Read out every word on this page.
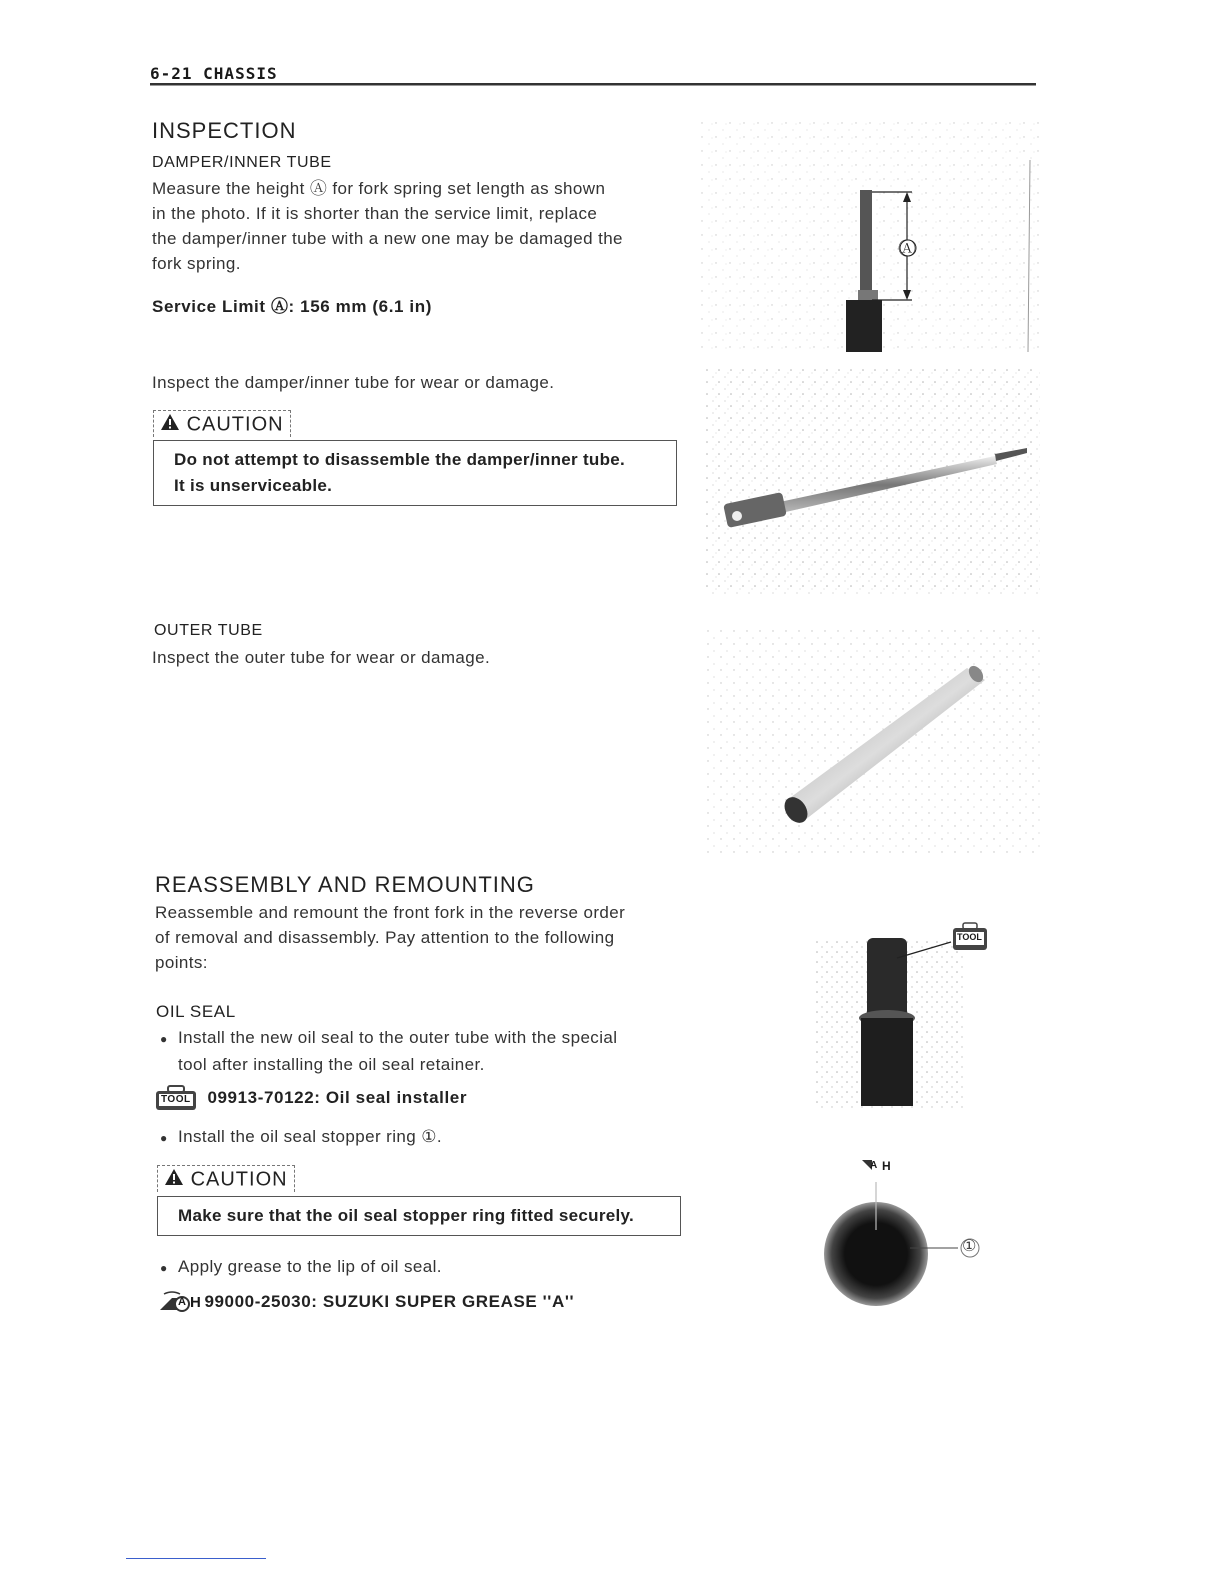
6-21 CHASSIS
INSPECTION
DAMPER/INNER TUBE
Measure the height Ⓐ for fork spring set length as shown
in the photo. If it is shorter than the service limit, replace
the damper/inner tube with a new one may be damaged the
fork spring.
Service Limit Ⓐ: 156 mm (6.1 in)
Inspect the damper/inner tube for wear or damage.
CAUTION
Do not attempt to disassemble the damper/inner tube.
It is unserviceable.
OUTER TUBE
Inspect the outer tube for wear or damage.
REASSEMBLY AND REMOUNTING
Reassemble and remount the front fork in the reverse order
of removal and disassembly. Pay attention to the following
points:
OIL SEAL
● Install the new oil seal to the outer tube with the special
tool after installing the oil seal retainer.
TOOL 09913-70122: Oil seal installer
● Install the oil seal stopper ring ①.
CAUTION
Make sure that the oil seal stopper ring fitted securely.
● Apply grease to the lip of oil seal.
A H 99000-25030: SUZUKI SUPER GREASE ''A''
Ⓐ
TOOL
A H
①
